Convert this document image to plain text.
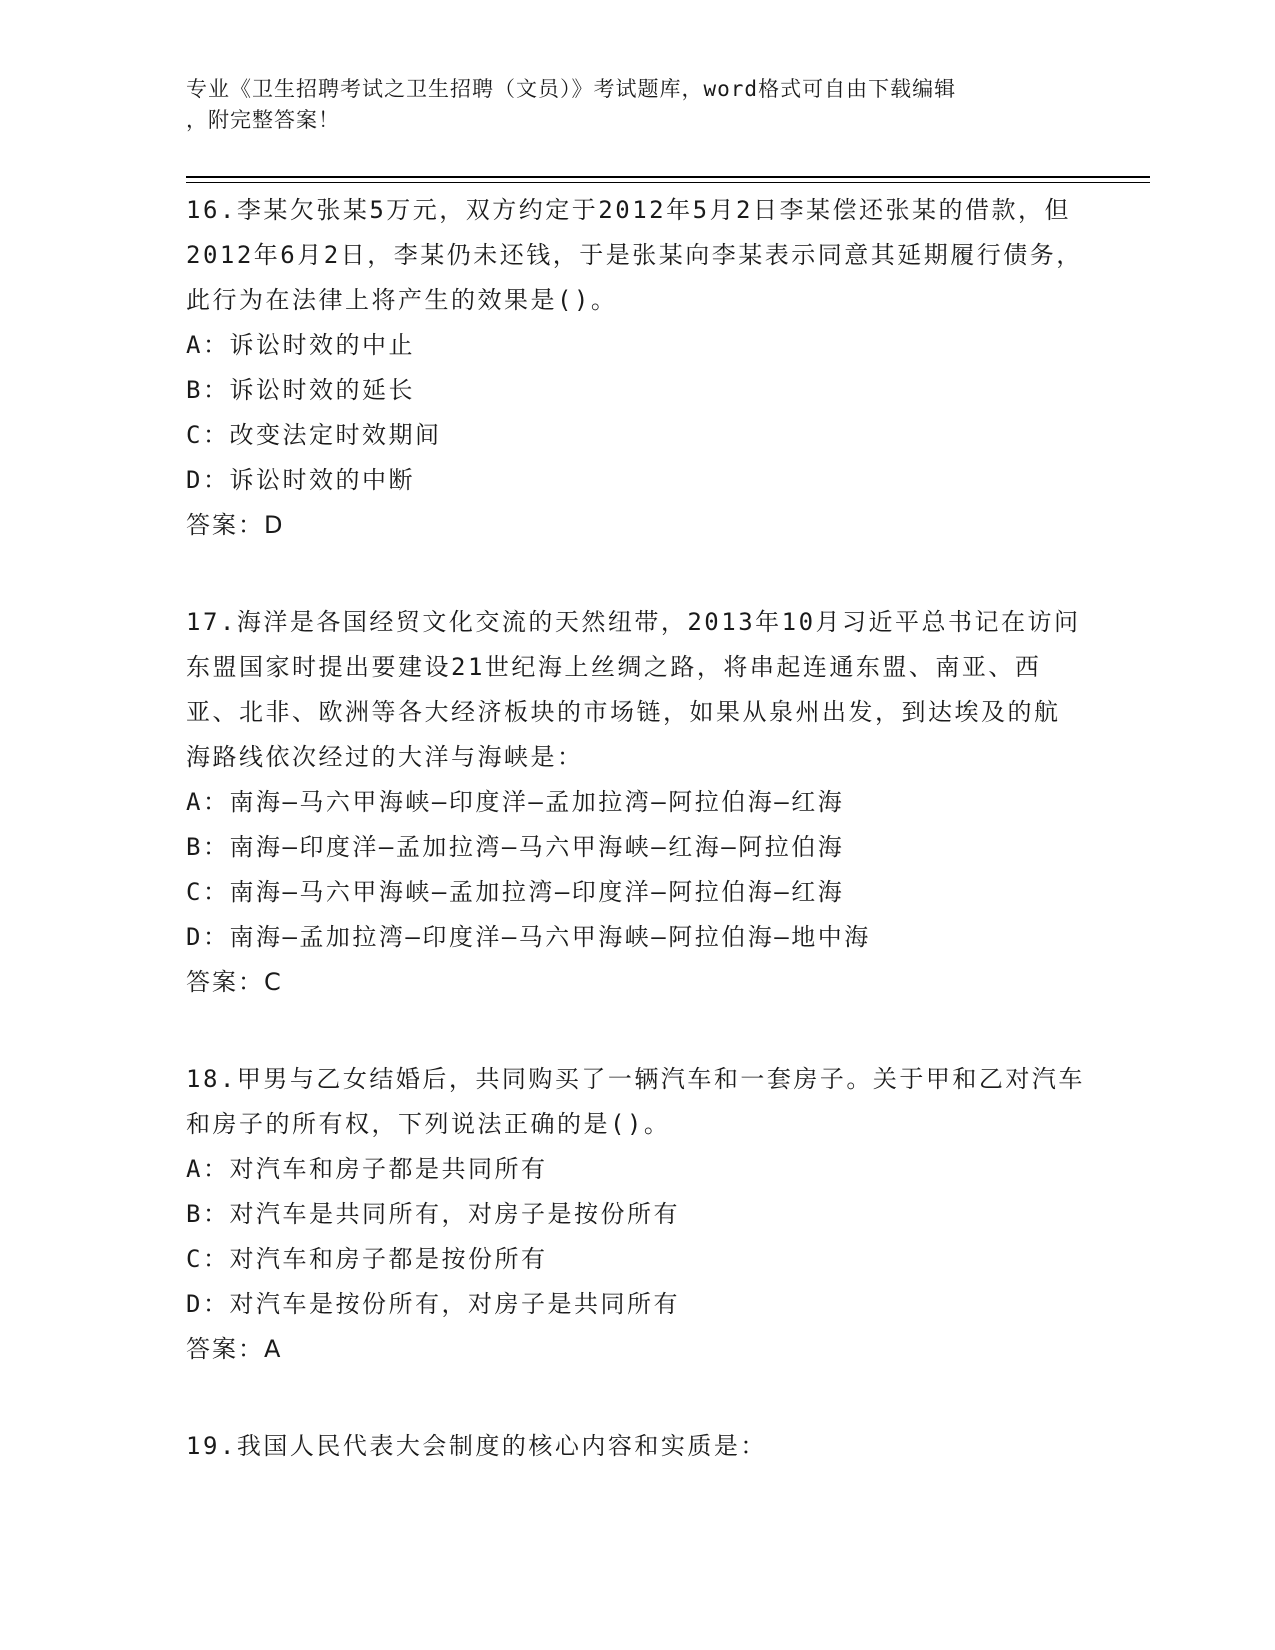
专业《卫生招聘考试之卫生招聘（文员）》考试题库，word格式可自由下载编辑
，附完整答案！

16.李某欠张某5万元，双方约定于2012年5月2日李某偿还张某的借款，但2012年6月2日，李某仍未还钱，于是张某向李某表示同意其延期履行债务，此行为在法律上将产生的效果是()。

A：诉讼时效的中止

B：诉讼时效的延长

C：改变法定时效期间

D：诉讼时效的中断

答案：D

17.海洋是各国经贸文化交流的天然纽带，2013年10月习近平总书记在访问东盟国家时提出要建设21世纪海上丝绸之路，将串起连通东盟、南亚、西亚、北非、欧洲等各大经济板块的市场链，如果从泉州出发，到达埃及的航海路线依次经过的大洋与海峡是：

A：南海—马六甲海峡—印度洋—孟加拉湾—阿拉伯海—红海

B：南海—印度洋—孟加拉湾—马六甲海峡—红海—阿拉伯海

C：南海—马六甲海峡—孟加拉湾—印度洋—阿拉伯海—红海

D：南海—孟加拉湾—印度洋—马六甲海峡—阿拉伯海—地中海

答案：C

18.甲男与乙女结婚后，共同购买了一辆汽车和一套房子。关于甲和乙对汽车和房子的所有权，下列说法正确的是()。

A：对汽车和房子都是共同所有

B：对汽车是共同所有，对房子是按份所有

C：对汽车和房子都是按份所有

D：对汽车是按份所有，对房子是共同所有

答案：A

19.我国人民代表大会制度的核心内容和实质是：
